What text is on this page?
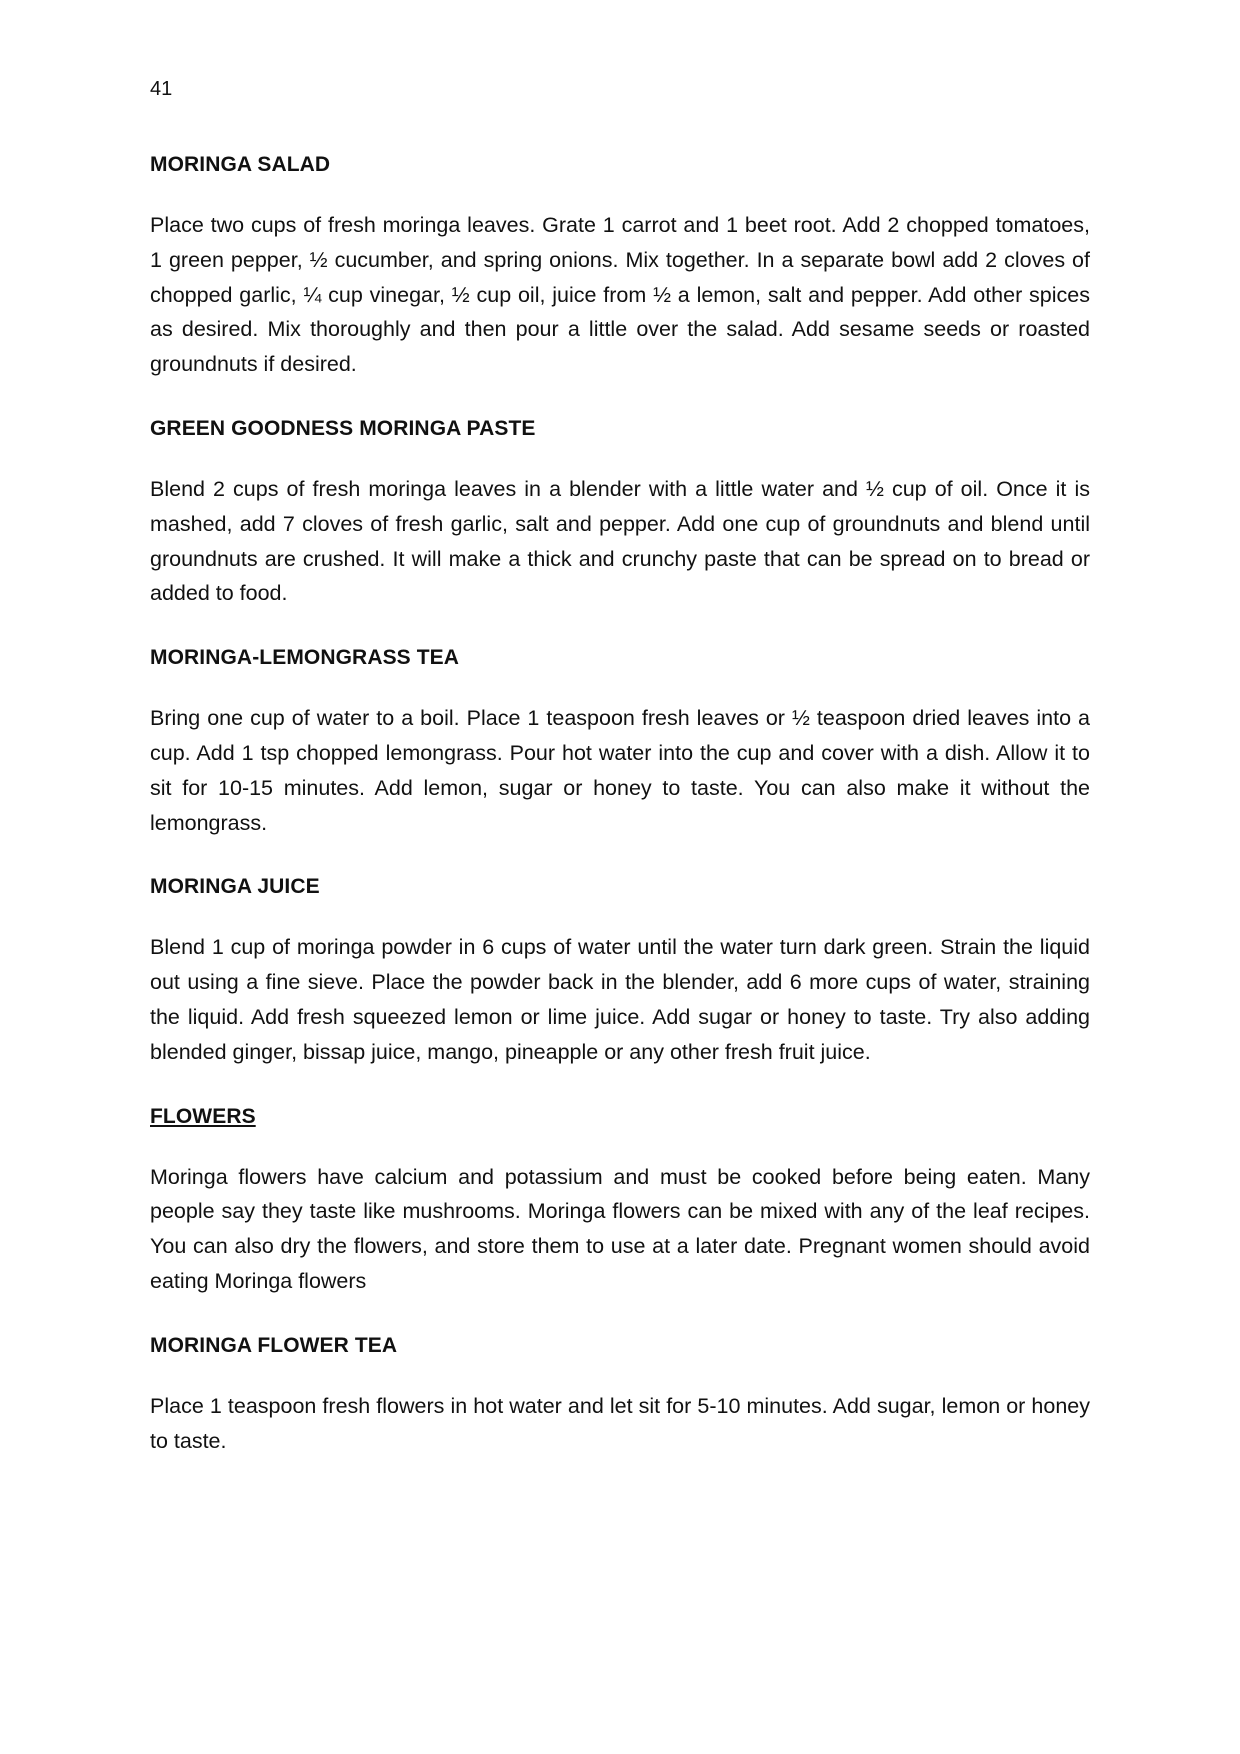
41
MORINGA SALAD

Place two cups of fresh moringa leaves. Grate 1 carrot and 1 beet root. Add 2 chopped tomatoes, 1 green pepper, ½ cucumber, and spring onions. Mix together. In a separate bowl add 2 cloves of chopped garlic, ¼ cup vinegar, ½ cup oil, juice from ½ a lemon, salt and pepper. Add other spices as desired. Mix thoroughly and then pour a little over the salad. Add sesame seeds or roasted groundnuts if desired.

GREEN GOODNESS MORINGA PASTE

Blend 2 cups of fresh moringa leaves in a blender with a little water and ½ cup of oil. Once it is mashed, add 7 cloves of fresh garlic, salt and pepper. Add one cup of groundnuts and blend until groundnuts are crushed. It will make a thick and crunchy paste that can be spread on to bread or added to food.

MORINGA-LEMONGRASS TEA

Bring one cup of water to a boil. Place 1 teaspoon fresh leaves or ½ teaspoon dried leaves into a cup. Add 1 tsp chopped lemongrass. Pour hot water into the cup and cover with a dish. Allow it to sit for 10-15 minutes. Add lemon, sugar or honey to taste. You can also make it without the lemongrass.

MORINGA JUICE

Blend 1 cup of moringa powder in 6 cups of water until the water turn dark green. Strain the liquid out using a fine sieve. Place the powder back in the blender, add 6 more cups of water, straining the liquid. Add fresh squeezed lemon or lime juice. Add sugar or honey to taste. Try also adding blended ginger, bissap juice, mango, pineapple or any other fresh fruit juice.

FLOWERS

Moringa flowers have calcium and potassium and must be cooked before being eaten. Many people say they taste like mushrooms. Moringa flowers can be mixed with any of the leaf recipes. You can also dry the flowers, and store them to use at a later date. Pregnant women should avoid eating Moringa flowers

MORINGA FLOWER TEA

Place 1 teaspoon fresh flowers in hot water and let sit for 5-10 minutes. Add sugar, lemon or honey to taste.
